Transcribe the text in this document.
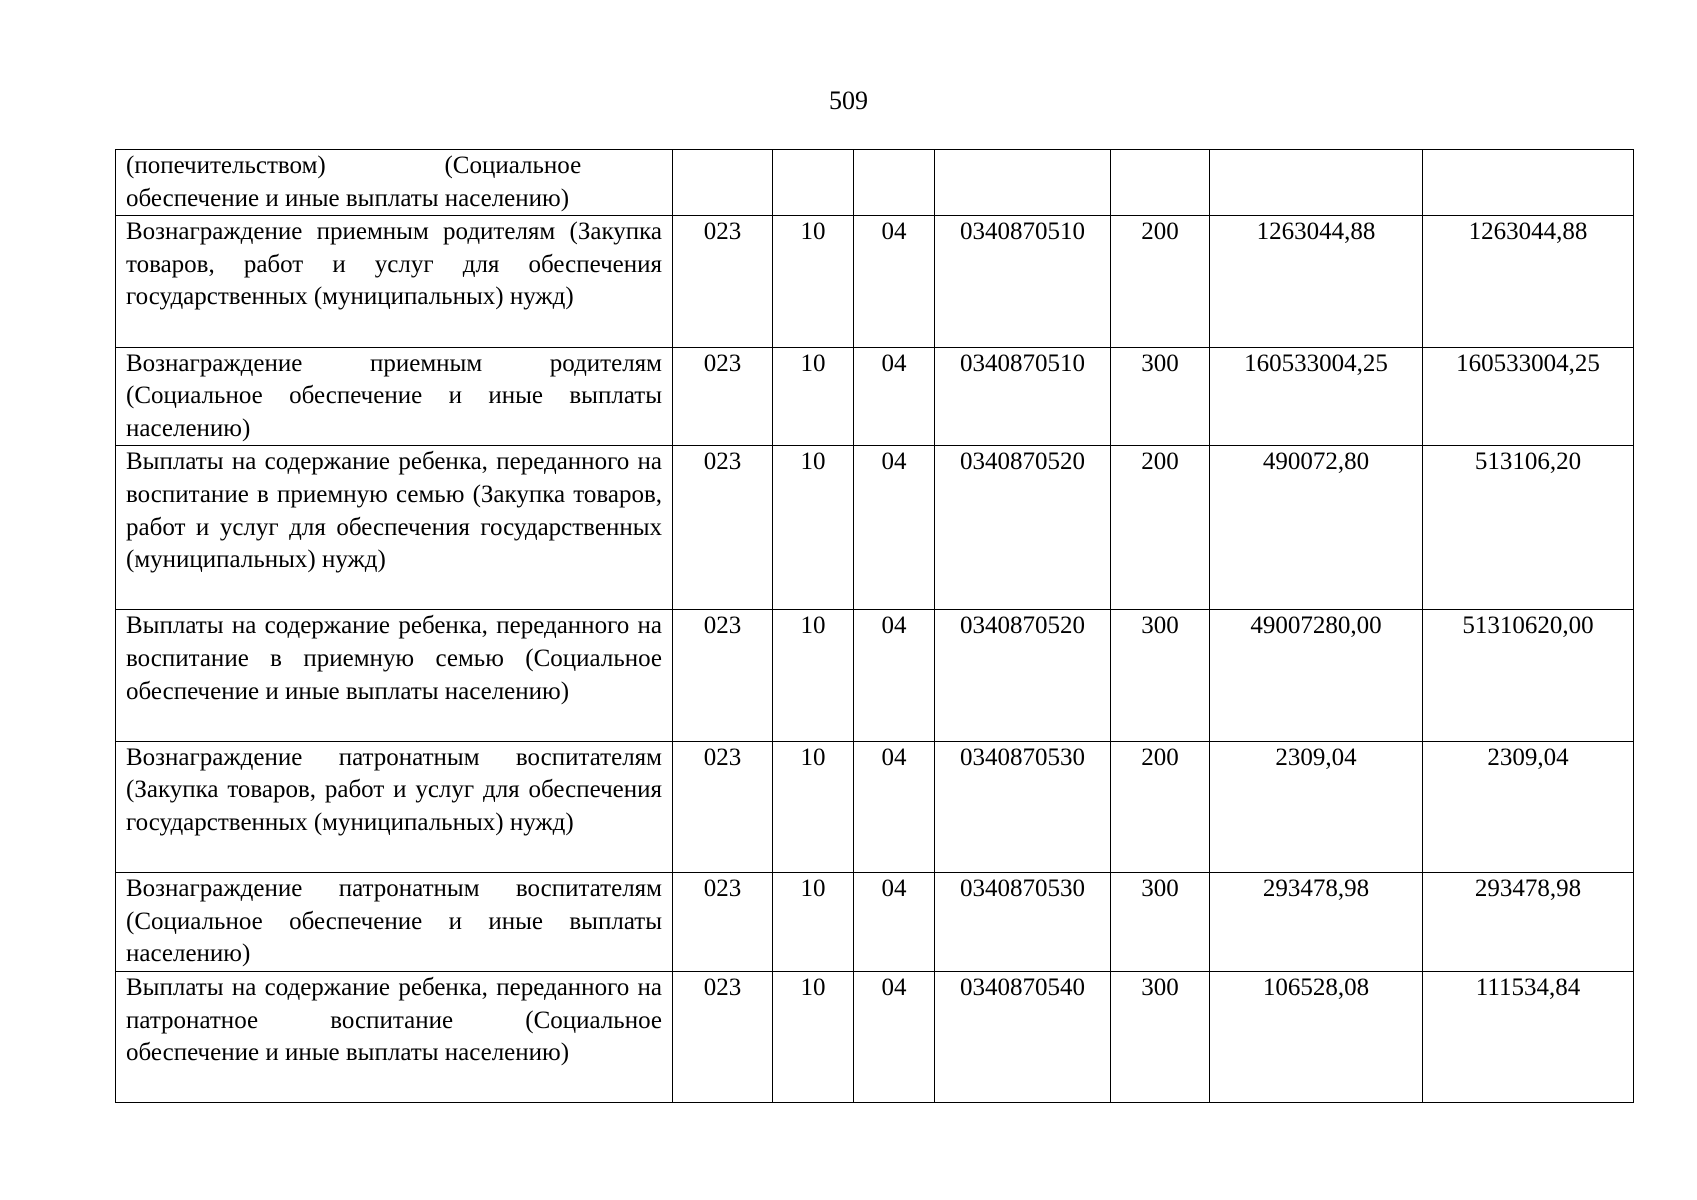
509
(попечительством)                   (Социальное
обеспечение и иные выплаты населению)							

Вознаграждение приемным родителям (Закупка товаров, работ и услуг для обеспечения государственных (муниципальных) нужд)	023	10	04	0340870510	200	1263044,88	1263044,88
Вознаграждение приемным родителям (Социальное обеспечение и иные выплаты населению)	023	10	04	0340870510	300	160533004,25	160533004,25
Выплаты на содержание ребенка, переданного на воспитание в приемную семью (Закупка товаров, работ и услуг для обеспечения государственных (муниципальных) нужд)	023	10	04	0340870520	200	490072,80	513106,20
Выплаты на содержание ребенка, переданного на воспитание в приемную семью (Социальное обеспечение и иные выплаты населению)	023	10	04	0340870520	300	49007280,00	51310620,00
Вознаграждение патронатным воспитателям (Закупка товаров, работ и услуг для обеспечения государственных (муниципальных) нужд)	023	10	04	0340870530	200	2309,04	2309,04
Вознаграждение патронатным воспитателям (Социальное обеспечение и иные выплаты населению)	023	10	04	0340870530	300	293478,98	293478,98
Выплаты на содержание ребенка, переданного на патронатное воспитание (Социальное обеспечение и иные выплаты населению)	023	10	04	0340870540	300	106528,08	111534,84
